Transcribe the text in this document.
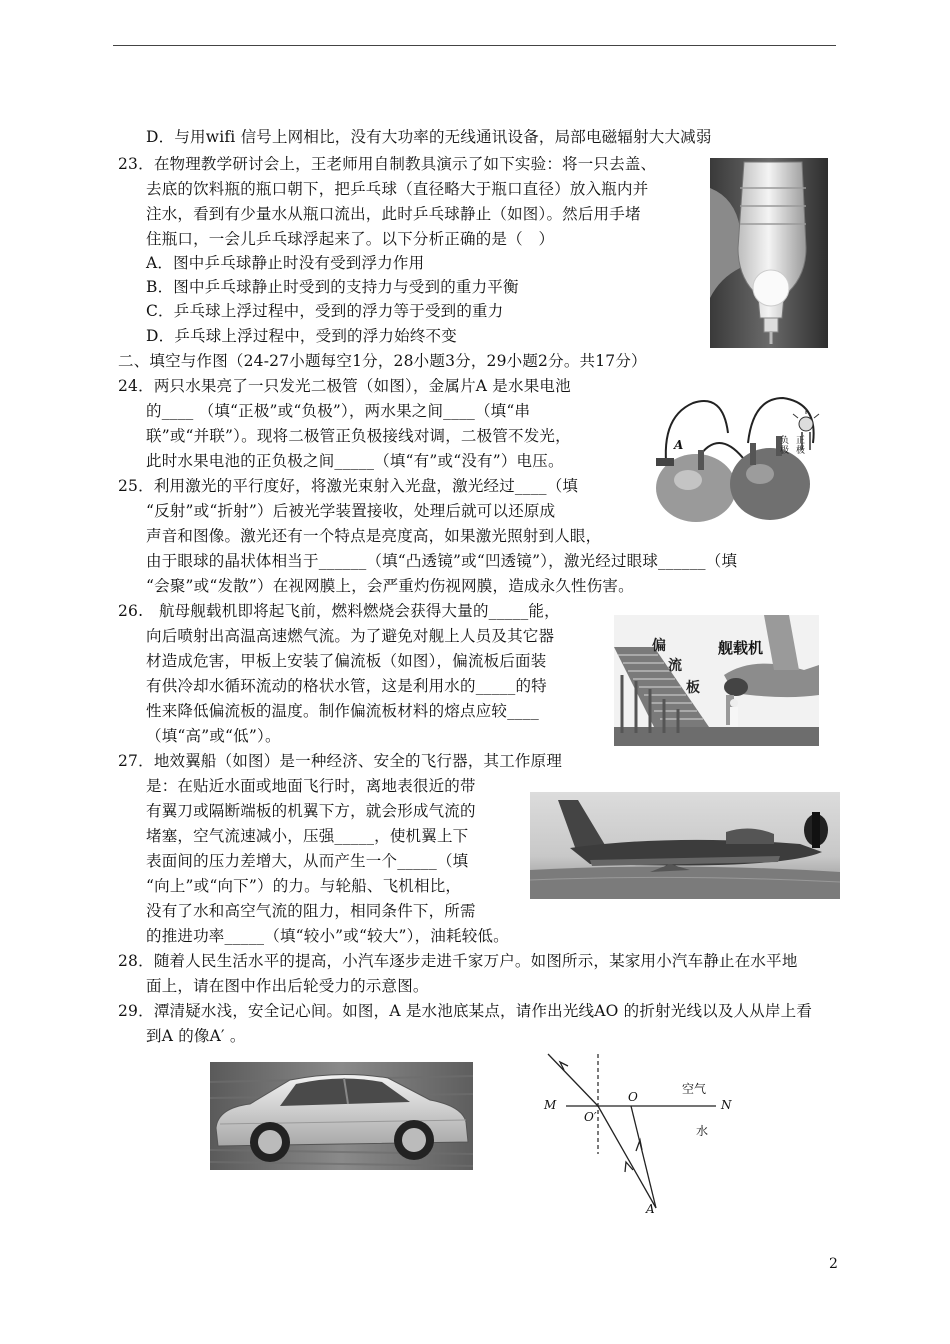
D．与用wifi 信号上网相比，没有大功率的无线通讯设备，局部电磁辐射大大减弱
23．在物理教学研讨会上，王老师用自制教具演示了如下实验：将一只去盖、
去底的饮料瓶的瓶口朝下，把乒乓球（直径略大于瓶口直径）放入瓶内并
注水，看到有少量水从瓶口流出，此时乒乓球静止（如图）。然后用手堵
住瓶口，一会儿乒乓球浮起来了。以下分析正确的是（　）
A．图中乒乓球静止时没有受到浮力作用
B．图中乒乓球静止时受到的支持力与受到的重力平衡
C．乒乓球上浮过程中，受到的浮力等于受到的重力
D．乒乓球上浮过程中，受到的浮力始终不变
二、填空与作图（24-27小题每空1分，28小题3分，29小题2分。共17分）
24．两只水果亮了一只发光二极管（如图），金属片A 是水果电池
的____ （填“正极”或“负极”），两水果之间____（填“串
联”或“并联”）。现将二极管正负极接线对调，二极管不发光，
此时水果电池的正负极之间_____（填“有”或“没有”）电压。
25．利用激光的平行度好，将激光束射入光盘，激光经过____（填
“反射”或“折射”）后被光学装置接收，处理后就可以还原成
声音和图像。激光还有一个特点是亮度高，如果激光照射到人眼，
由于眼球的晶状体相当于______（填“凸透镜”或“凹透镜”），激光经过眼球______（填
“会聚”或“发散”）在视网膜上，会严重灼伤视网膜，造成永久性伤害。
26.　航母舰载机即将起飞前，燃料燃烧会获得大量的_____能，
向后喷射出高温高速燃气流。为了避免对舰上人员及其它器
材造成危害，甲板上安装了偏流板（如图），偏流板后面装
有供冷却水循环流动的格状水管，这是利用水的_____的特
性来降低偏流板的温度。制作偏流板材料的熔点应较____
（填“高”或“低”）。
27．地效翼船（如图）是一种经济、安全的飞行器，其工作原理
是：在贴近水面或地面飞行时，离地表很近的带
有翼刀或隔断端板的机翼下方，就会形成气流的
堵塞，空气流速减小，压强_____，使机翼上下
表面间的压力差增大，从而产生一个_____（填
“向上”或“向下”）的力。与轮船、飞机相比，
没有了水和高空气流的阻力，相同条件下，所需
的推进功率_____（填“较小”或“较大”），油耗较低。
28．随着人民生活水平的提高，小汽车逐步走进千家万户。如图所示，某家用小汽车静止在水平地
面上，请在图中作出后轮受力的示意图。
29．潭清疑水浅，安全记心间。如图，A 是水池底某点，请作出光线AO 的折射光线以及人从岸上看
到A 的像A′ 。
A	负极
正极
偏
流
板
舰载机
M	N
O
O′
空气
水
A
2
